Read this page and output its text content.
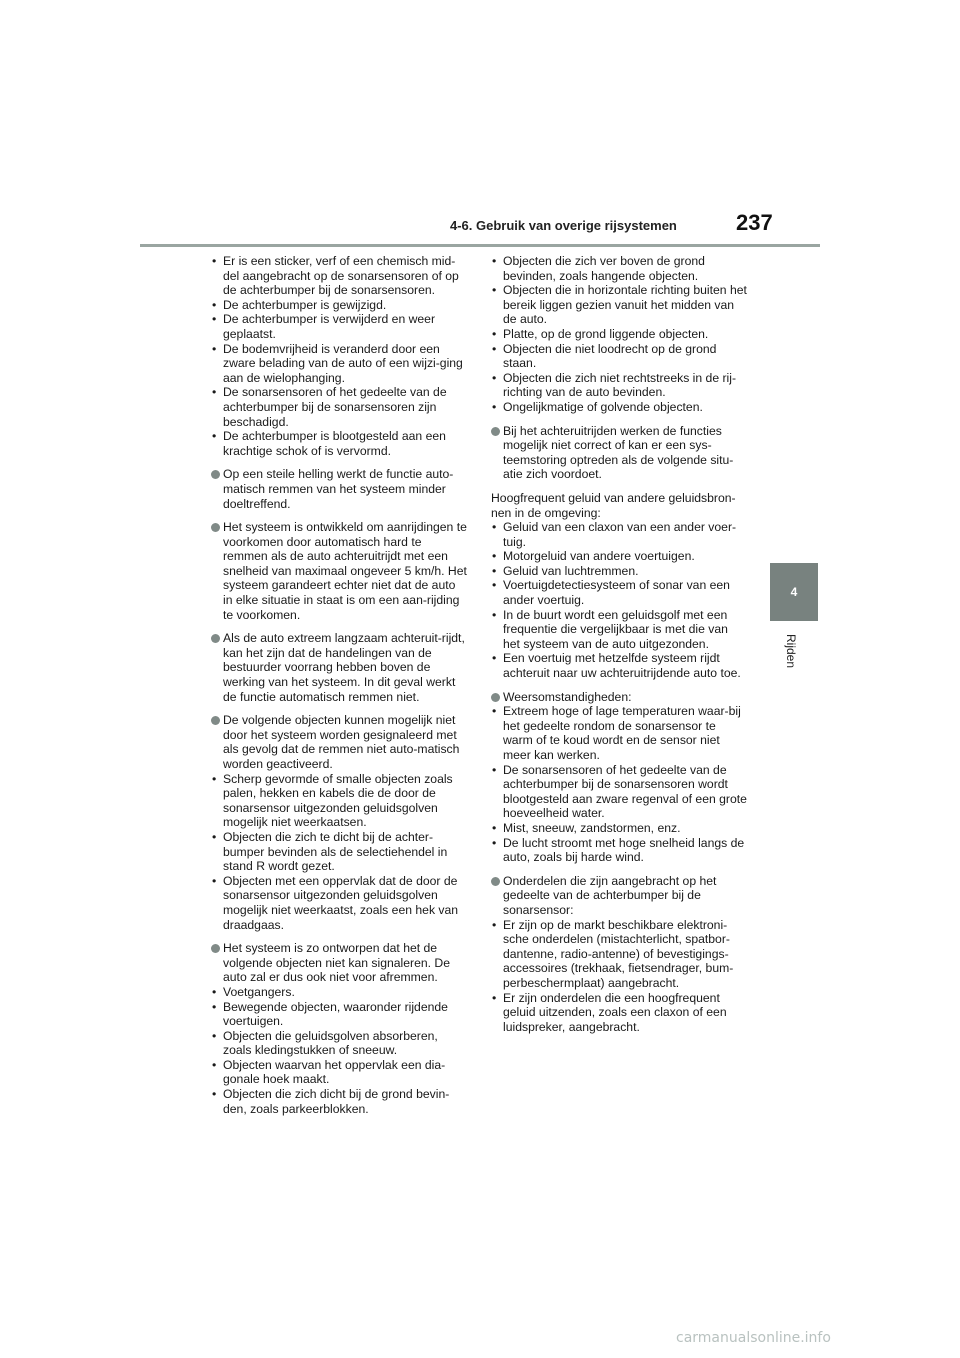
4-6. Gebruik van overige rijsystemen	237
4
Rijden
• Er is een sticker, verf of een chemisch mid-del aangebracht op de sonarsensoren of op de achterbumper bij de sonarsensoren.
• De achterbumper is gewijzigd.
• De achterbumper is verwijderd en weer geplaatst.
• De bodemvrijheid is veranderd door een zware belading van de auto of een wijzi-ging aan de wielophanging.
• De sonarsensoren of het gedeelte van de achterbumper bij de sonarsensoren zijn beschadigd.
• De achterbumper is blootgesteld aan een krachtige schok of is vervormd.
Op een steile helling werkt de functie auto-matisch remmen van het systeem minder doeltreffend.
Het systeem is ontwikkeld om aanrijdingen te voorkomen door automatisch hard te remmen als de auto achteruitrijdt met een snelheid van maximaal ongeveer 5 km/h. Het systeem garandeert echter niet dat de auto in elke situatie in staat is om een aan-rijding te voorkomen.
Als de auto extreem langzaam achteruit-rijdt, kan het zijn dat de handelingen van de bestuurder voorrang hebben boven de werking van het systeem. In dit geval werkt de functie automatisch remmen niet.
De volgende objecten kunnen mogelijk niet door het systeem worden gesignaleerd met als gevolg dat de remmen niet auto-matisch worden geactiveerd.
• Scherp gevormde of smalle objecten zoals palen, hekken en kabels die de door de sonarsensor uitgezonden geluidsgolven mogelijk niet weerkaatsen.
• Objecten die zich te dicht bij de achter-bumper bevinden als de selectiehendel in stand R wordt gezet.
• Objecten met een oppervlak dat de door de sonarsensor uitgezonden geluidsgolven mogelijk niet weerkaatst, zoals een hek van draadgaas.
Het systeem is zo ontworpen dat het de volgende objecten niet kan signaleren. De auto zal er dus ook niet voor afremmen.
• Voetgangers.
• Bewegende objecten, waaronder rijdende voertuigen.
• Objecten die geluidsgolven absorberen, zoals kledingstukken of sneeuw.
• Objecten waarvan het oppervlak een dia-gonale hoek maakt.
• Objecten die zich dicht bij de grond bevin-den, zoals parkeerblokken.
• Objecten die zich ver boven de grond bevinden, zoals hangende objecten.
• Objecten die in horizontale richting buiten het bereik liggen gezien vanuit het midden van de auto.
• Platte, op de grond liggende objecten.
• Objecten die niet loodrecht op de grond staan.
• Objecten die zich niet rechtstreeks in de rij-richting van de auto bevinden.
• Ongelijkmatige of golvende objecten.
Bij het achteruitrijden werken de functies mogelijk niet correct of kan er een sys-teemstoring optreden als de volgende situ-atie zich voordoet.
Hoogfrequent geluid van andere geluidsbron-nen in de omgeving:
• Geluid van een claxon van een ander voer-tuig.
• Motorgeluid van andere voertuigen.
• Geluid van luchtremmen.
• Voertuigdetectiesysteem of sonar van een ander voertuig.
• In de buurt wordt een geluidsgolf met een frequentie die vergelijkbaar is met die van het systeem van de auto uitgezonden.
• Een voertuig met hetzelfde systeem rijdt achteruit naar uw achteruitrijdende auto toe.
Weersomstandigheden:
• Extreem hoge of lage temperaturen waar-bij het gedeelte rondom de sonarsensor te warm of te koud wordt en de sensor niet meer kan werken.
• De sonarsensoren of het gedeelte van de achterbumper bij de sonarsensoren wordt blootgesteld aan zware regenval of een grote hoeveelheid water.
• Mist, sneeuw, zandstormen, enz.
• De lucht stroomt met hoge snelheid langs de auto, zoals bij harde wind.
Onderdelen die zijn aangebracht op het gedeelte van de achterbumper bij de sonarsensor:
• Er zijn op de markt beschikbare elektroni-sche onderdelen (mistachterlicht, spatbor-dantenne, radio-antenne) of bevestigings-accessoires (trekhaak, fietsendrager, bum-perbeschermplaat) aangebracht.
• Er zijn onderdelen die een hoogfrequent geluid uitzenden, zoals een claxon of een luidspreker, aangebracht.
carmanualsonline.info
